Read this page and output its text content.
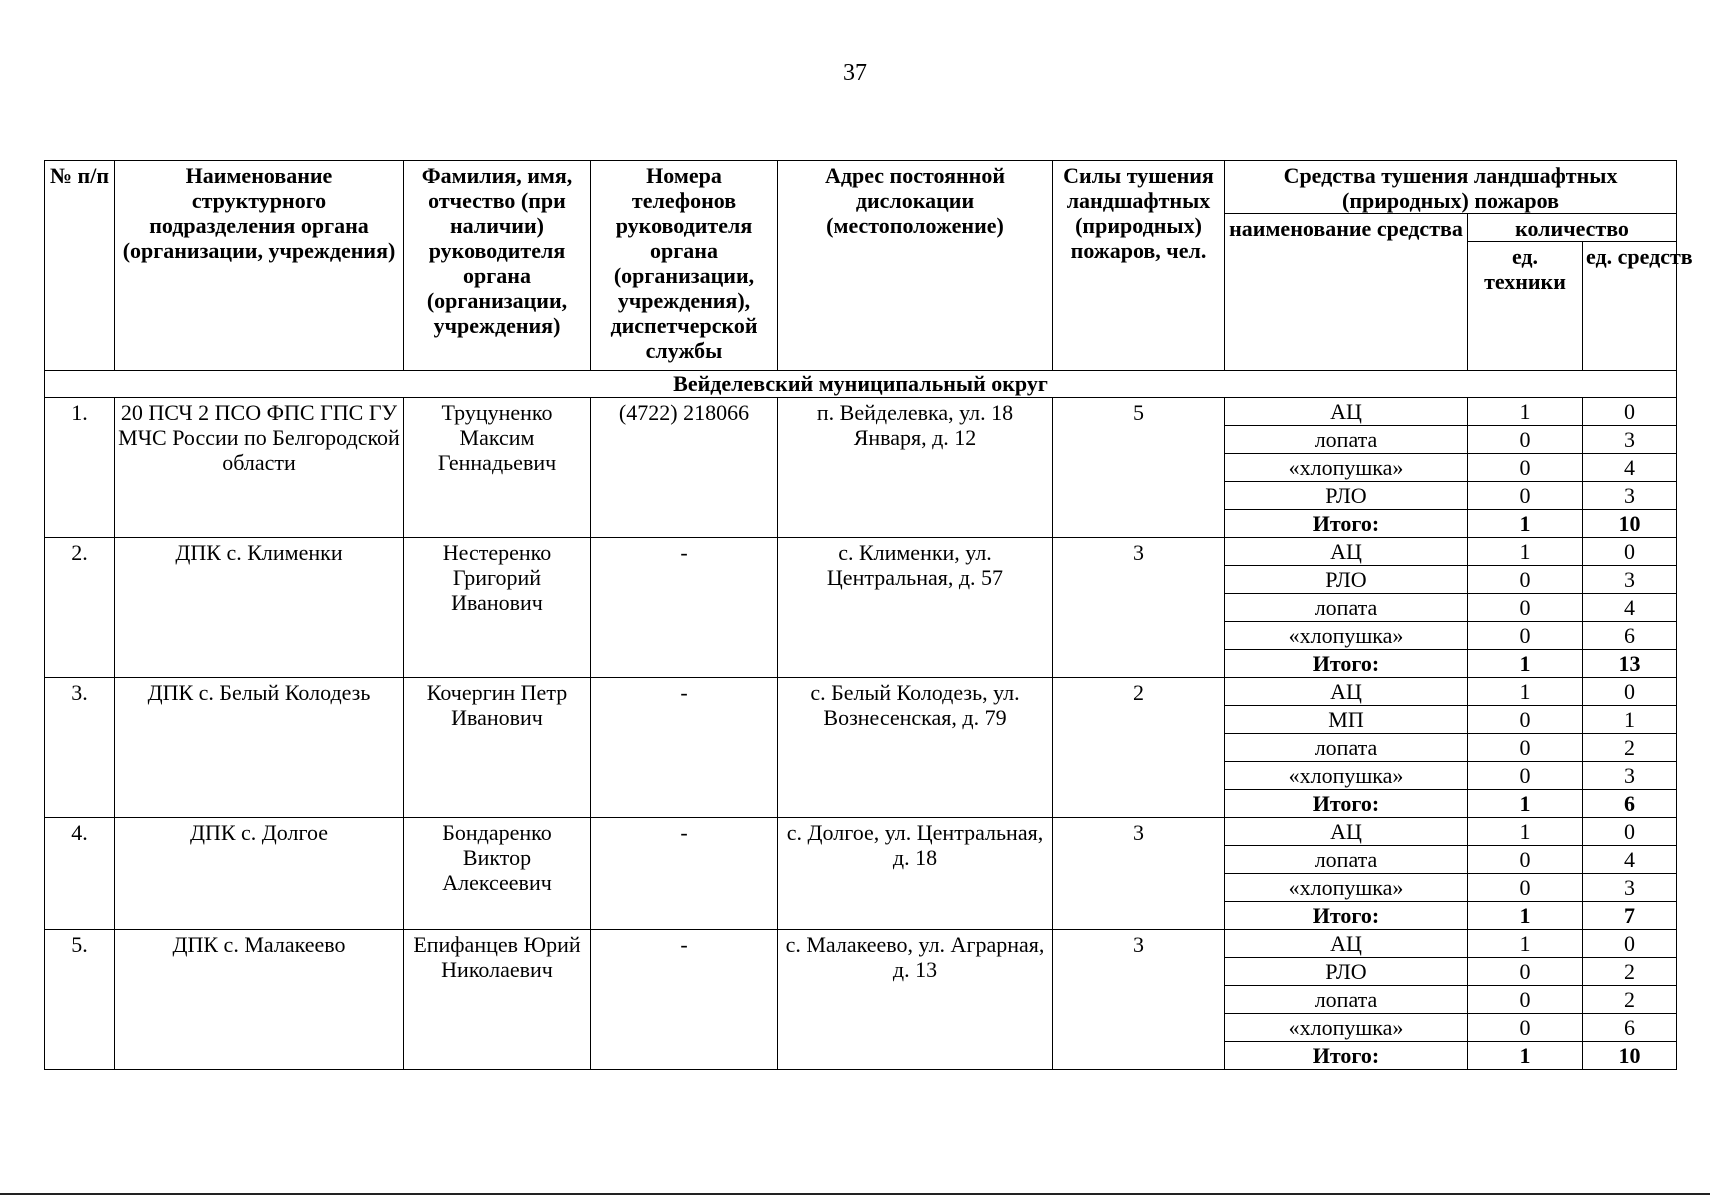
37
№ п/п	Наименование структурного подразделения органа (организации, учреждения)	Фамилия, имя, отчество (при наличии) руководителя органа (организации, учреждения)	Номера телефонов руководителя органа (организации, учреждения), диспетчерской службы	Адрес постоянной дислокации (местоположение)	Силы тушения ландшафтных (природных) пожаров, чел.	Средства тушения ландшафтных (природных) пожаров		
						наименование средства	количество	
							ед. техники	ед. средств
Вейделевский муниципальный округ								
1.	20 ПСЧ 2 ПСО ФПС ГПС ГУ МЧС России по Белгородской области	Труцуненко Максим Геннадьевич	(4722) 218066	п. Вейделевка, ул. 18 Января, д. 12	5	АЦ	1	0
						лопата	0	3
						«хлопушка»	0	4
						РЛО	0	3
						Итого:	1	10
2.	ДПК с. Клименки	Нестеренко Григорий Иванович	-	с. Клименки, ул. Центральная, д. 57	3	АЦ	1	0
						РЛО	0	3
						лопата	0	4
						«хлопушка»	0	6
						Итого:	1	13
3.	ДПК с. Белый Колодезь	Кочергин Петр Иванович	-	с. Белый Колодезь, ул. Вознесенская, д. 79	2	АЦ	1	0
						МП	0	1
						лопата	0	2
						«хлопушка»	0	3
						Итого:	1	6
4.	ДПК с. Долгое	Бондаренко Виктор Алексеевич	-	с. Долгое, ул. Центральная, д. 18	3	АЦ	1	0
						лопата	0	4
						«хлопушка»	0	3
						Итого:	1	7
5.	ДПК с. Малакеево	Епифанцев Юрий Николаевич	-	с. Малакеево, ул. Аграрная, д. 13	3	АЦ	1	0
						РЛО	0	2
						лопата	0	2
						«хлопушка»	0	6
						Итого:	1	10
